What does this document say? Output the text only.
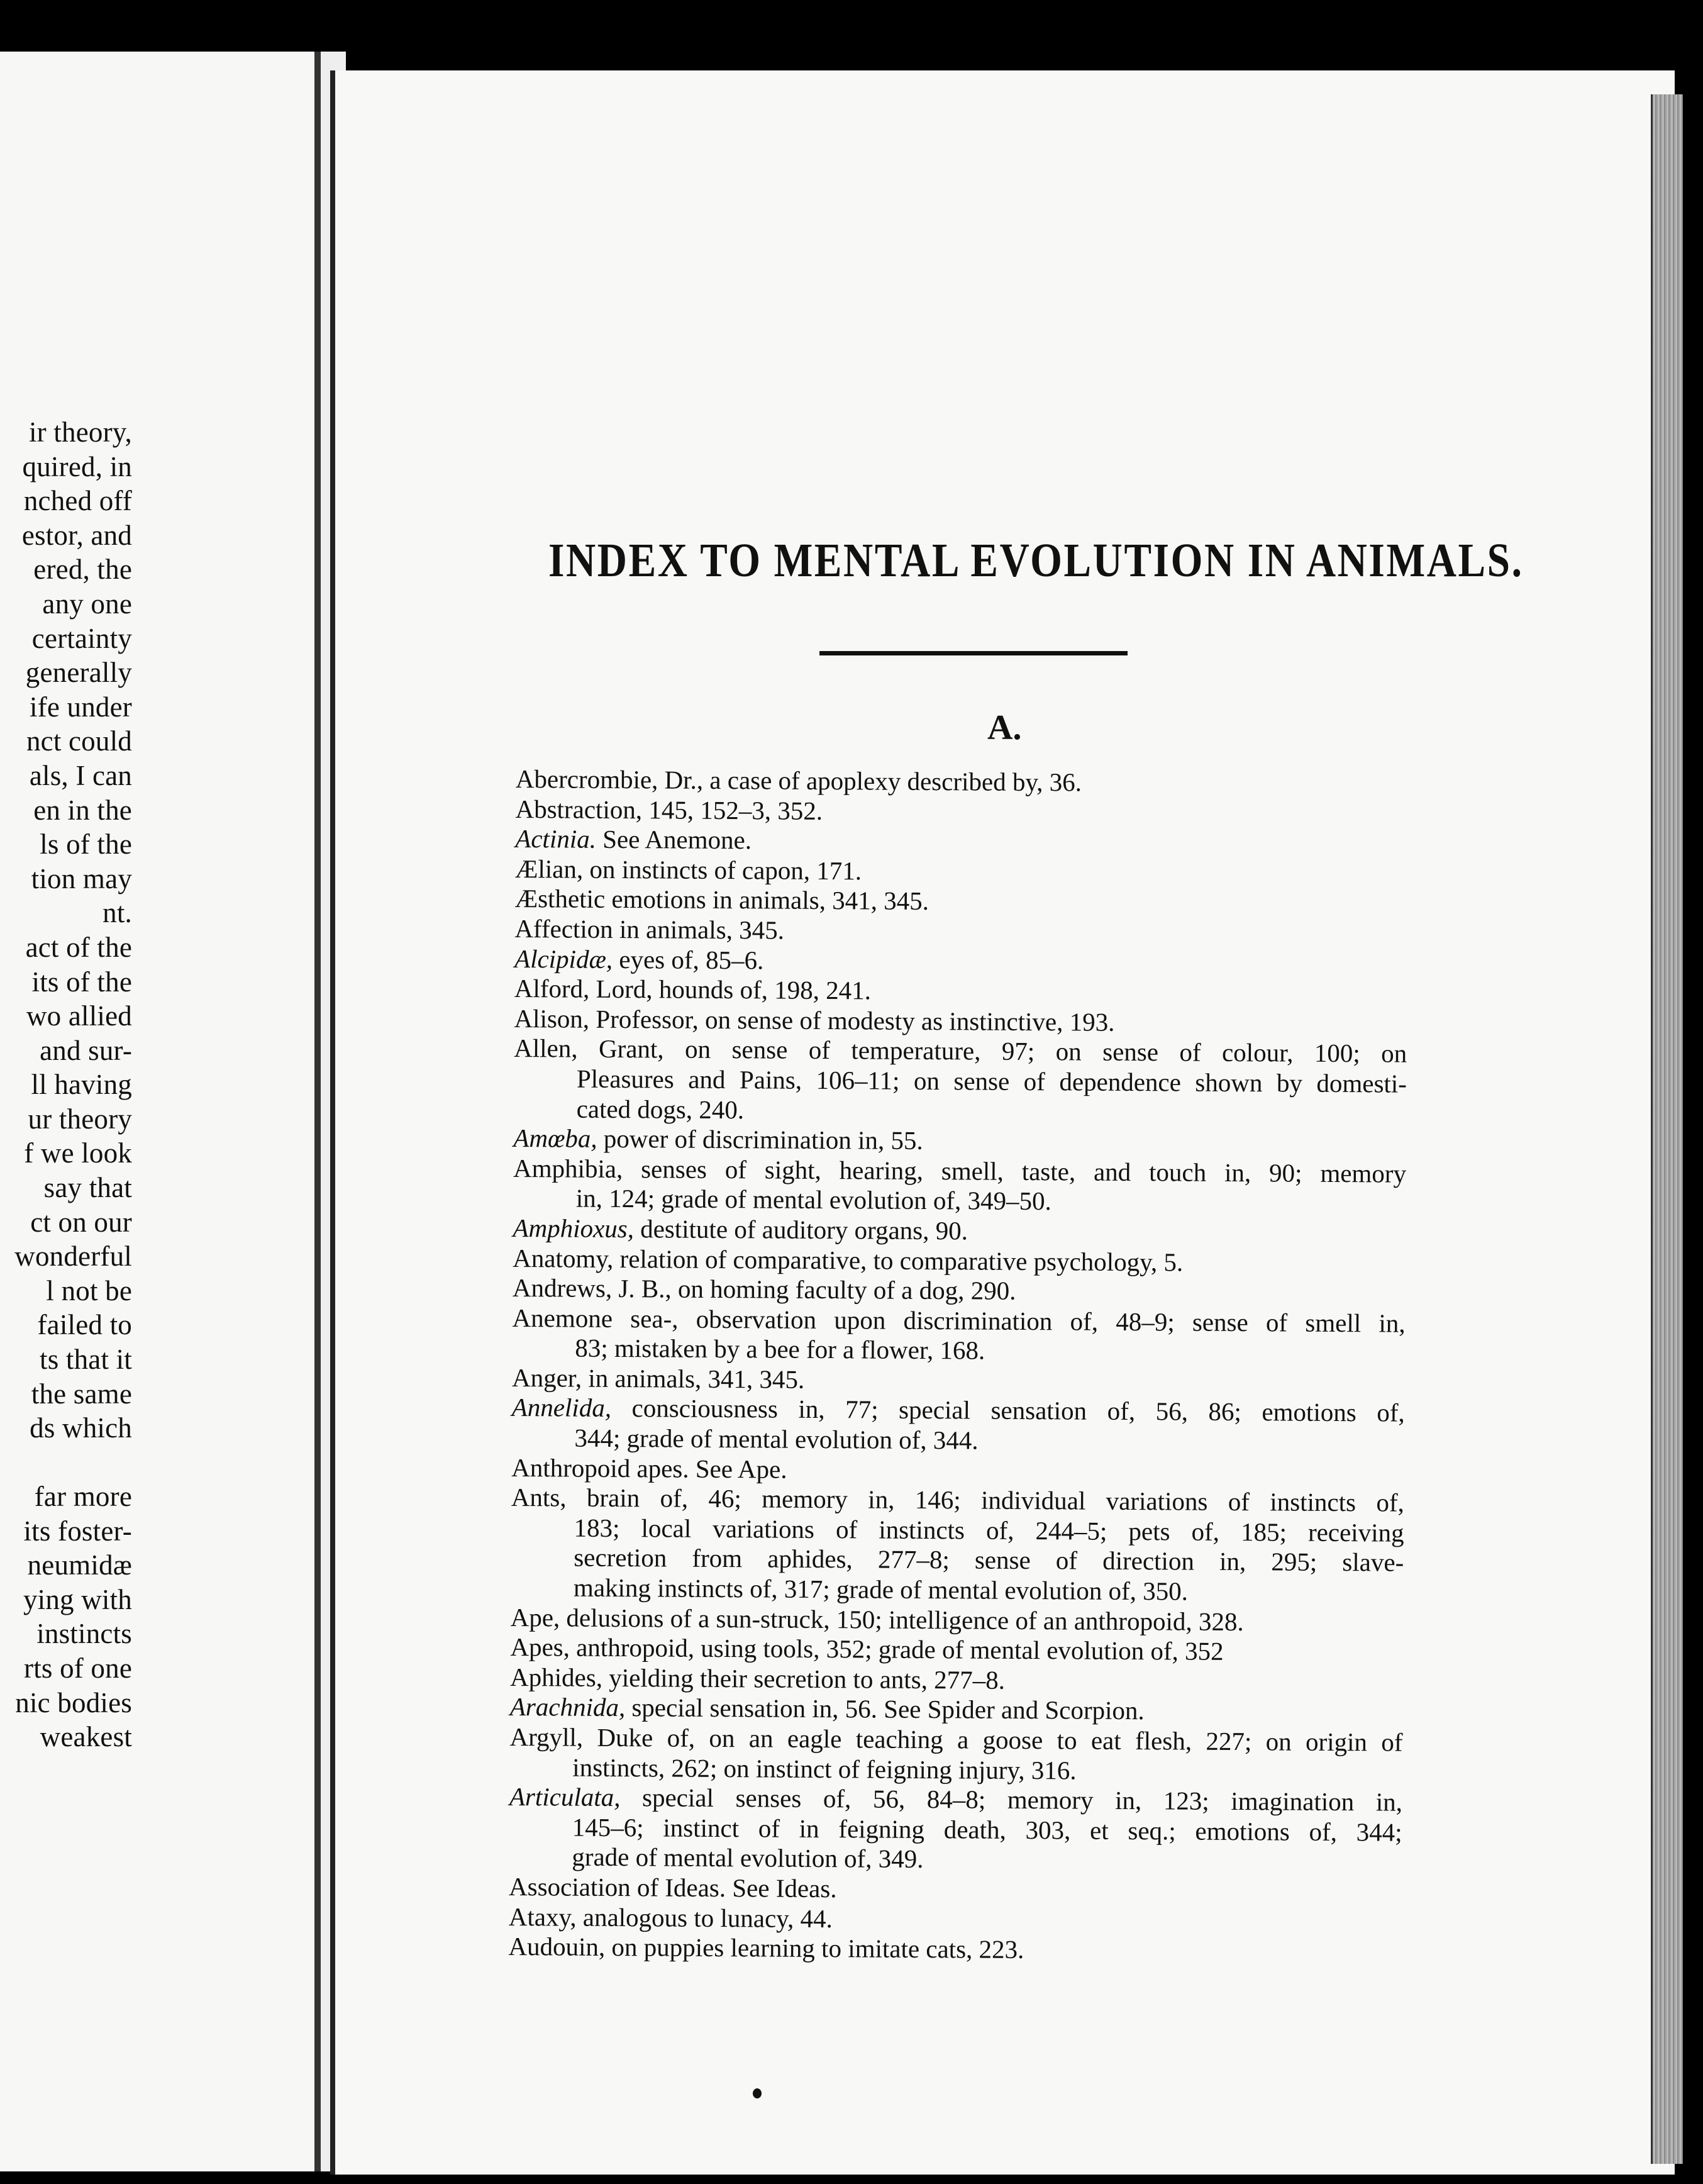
ir theory,
quired, in
nched off
estor, and
ered, the
any one
certainty
generally
ife under
nct could
als, I can
en in the
ls of the
tion may
nt.
act of the
its of the
wo allied
and sur-
ll having
ur theory
f we look
say that
ct on our
wonderful
l not be
failed to
ts that it
the same
ds which
far more
its foster-
neumidæ
ying with
instincts
rts of one
nic bodies
weakest
INDEX TO MENTAL EVOLUTION IN ANIMALS.
A.
Abercrombie, Dr., a case of apoplexy described by, 36.
Abstraction, 145, 152–3, 352.
Actinia. See Anemone.
Ælian, on instincts of capon, 171.
Æsthetic emotions in animals, 341, 345.
Affection in animals, 345.
Alcipidæ, eyes of, 85–6.
Alford, Lord, hounds of, 198, 241.
Alison, Professor, on sense of modesty as instinctive, 193.
Allen, Grant, on sense of temperature, 97; on sense of colour, 100; on
Pleasures and Pains, 106–11; on sense of dependence shown by domesti-
cated dogs, 240.
Amœba, power of discrimination in, 55.
Amphibia, senses of sight, hearing, smell, taste, and touch in, 90; memory
in, 124; grade of mental evolution of, 349–50.
Amphioxus, destitute of auditory organs, 90.
Anatomy, relation of comparative, to comparative psychology, 5.
Andrews, J. B., on homing faculty of a dog, 290.
Anemone sea-, observation upon discrimination of, 48–9; sense of smell in,
83; mistaken by a bee for a flower, 168.
Anger, in animals, 341, 345.
Annelida, consciousness in, 77; special sensation of, 56, 86; emotions of,
344; grade of mental evolution of, 344.
Anthropoid apes. See Ape.
Ants, brain of, 46; memory in, 146; individual variations of instincts of,
183; local variations of instincts of, 244–5; pets of, 185; receiving
secretion from aphides, 277–8; sense of direction in, 295; slave-
making instincts of, 317; grade of mental evolution of, 350.
Ape, delusions of a sun-struck, 150; intelligence of an anthropoid, 328.
Apes, anthropoid, using tools, 352; grade of mental evolution of, 352
Aphides, yielding their secretion to ants, 277–8.
Arachnida, special sensation in, 56. See Spider and Scorpion.
Argyll, Duke of, on an eagle teaching a goose to eat flesh, 227; on origin of
instincts, 262; on instinct of feigning injury, 316.
Articulata, special senses of, 56, 84–8; memory in, 123; imagination in,
145–6; instinct of in feigning death, 303, et seq.; emotions of, 344;
grade of mental evolution of, 349.
Association of Ideas. See Ideas.
Ataxy, analogous to lunacy, 44.
Audouin, on puppies learning to imitate cats, 223.
